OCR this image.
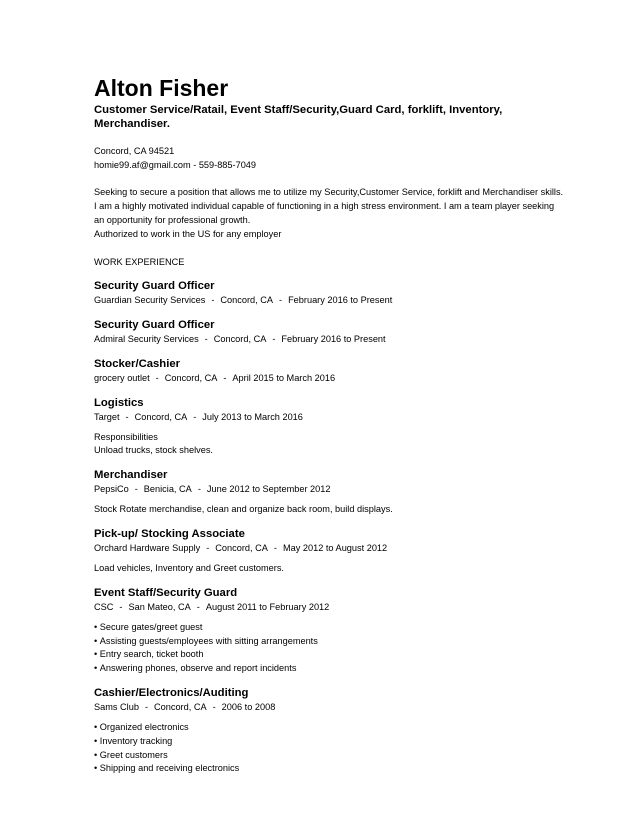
Alton Fisher
Customer Service/Ratail, Event Staff/Security,Guard Card, forklift, Inventory, Merchandiser.
Concord, CA 94521
homie99.af@gmail.com - 559-885-7049
Seeking to secure a position that allows me to utilize my Security,Customer Service, forklift and Merchandiser skills. I am a highly motivated individual capable of functioning in a high stress environment. I am a team player seeking an opportunity for professional growth.
Authorized to work in the US for any employer
WORK EXPERIENCE
Security Guard Officer
Guardian Security Services - Concord, CA - February 2016 to Present
Security Guard Officer
Admiral Security Services - Concord, CA - February 2016 to Present
Stocker/Cashier
grocery outlet - Concord, CA - April 2015 to March 2016
Logistics
Target - Concord, CA - July 2013 to March 2016
Responsibilities
Unload trucks, stock shelves.
Merchandiser
PepsiCo - Benicia, CA - June 2012 to September 2012
Stock Rotate merchandise, clean and organize back room, build displays.
Pick-up/ Stocking Associate
Orchard Hardware Supply - Concord, CA - May 2012 to August 2012
Load vehicles, Inventory and Greet customers.
Event Staff/Security Guard
CSC - San Mateo, CA - August 2011 to February 2012
• Secure gates/greet guest
• Assisting guests/employees with sitting arrangements
• Entry search, ticket booth
• Answering phones, observe and report incidents
Cashier/Electronics/Auditing
Sams Club - Concord, CA - 2006 to 2008
• Organized electronics
• Inventory tracking
• Greet customers
• Shipping and receiving electronics
